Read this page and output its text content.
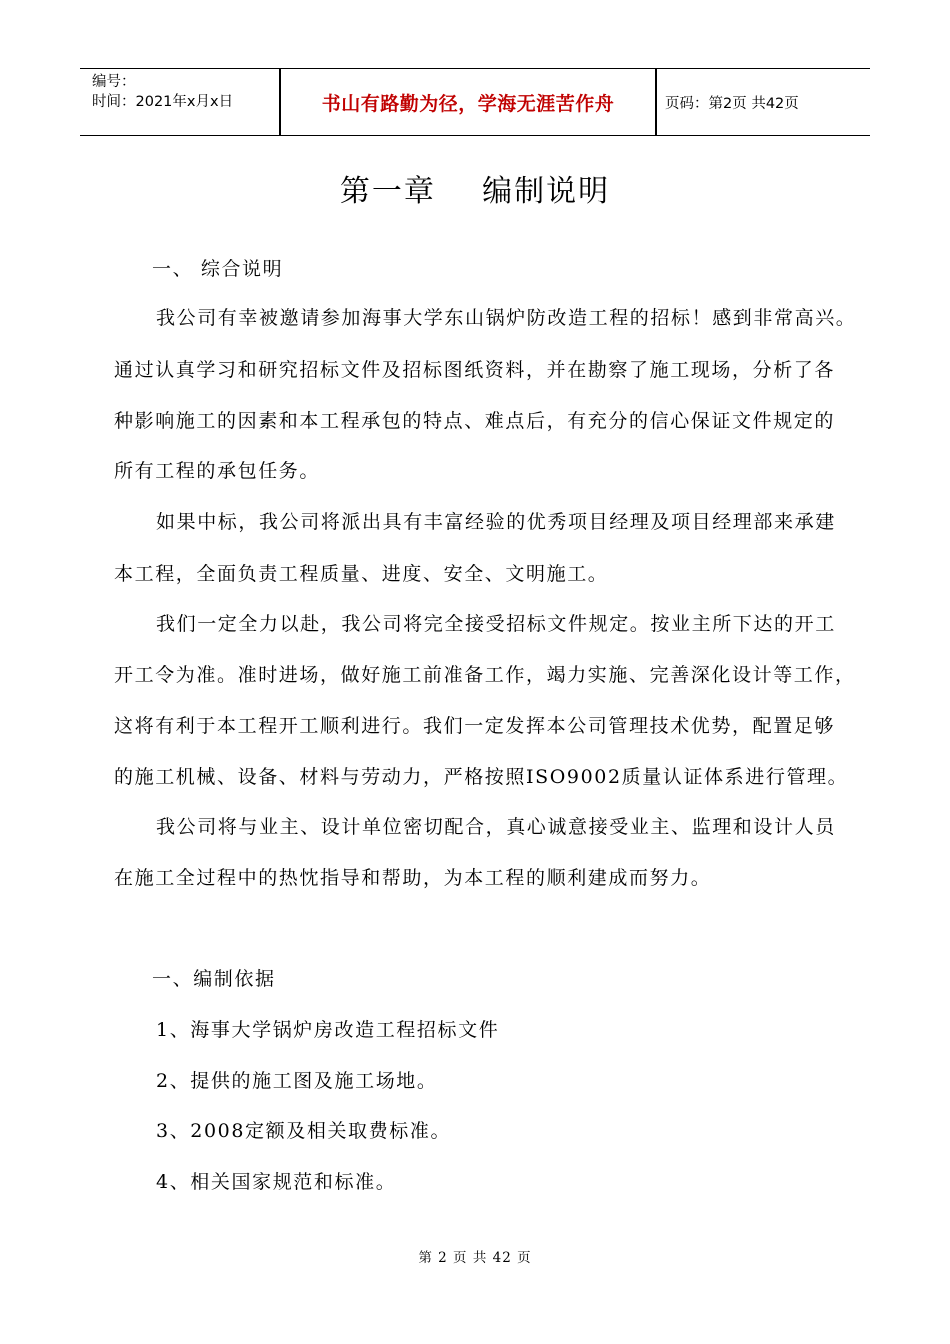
编号：
时间：2021年x月x日	书山有路勤为径，学海无涯苦作舟	页码：第2页 共42页
第一章    编制说明
一、 综合说明
我公司有幸被邀请参加海事大学东山锅炉防改造工程的招标！感到非常高兴。
通过认真学习和研究招标文件及招标图纸资料，并在勘察了施工现场，分析了各
种影响施工的因素和本工程承包的特点、难点后，有充分的信心保证文件规定的
所有工程的承包任务。
如果中标，我公司将派出具有丰富经验的优秀项目经理及项目经理部来承建
本工程，全面负责工程质量、进度、安全、文明施工。
我们一定全力以赴，我公司将完全接受招标文件规定。按业主所下达的开工
开工令为准。准时进场，做好施工前准备工作，竭力实施、完善深化设计等工作，
这将有利于本工程开工顺利进行。我们一定发挥本公司管理技术优势，配置足够
的施工机械、设备、材料与劳动力，严格按照ISO9002质量认证体系进行管理。
我公司将与业主、设计单位密切配合，真心诚意接受业主、监理和设计人员
在施工全过程中的热忱指导和帮助，为本工程的顺利建成而努力。
一、编制依据
1、海事大学锅炉房改造工程招标文件
2、提供的施工图及施工场地。
3、2008定额及相关取费标准。
4、相关国家规范和标准。
第 2 页 共 42 页
